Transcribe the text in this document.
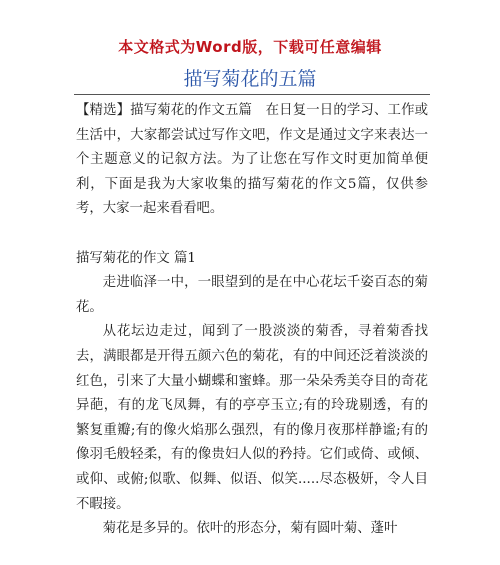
本文格式为Word版，下载可任意编辑
描写菊花的五篇

【精选】描写菊花的作文五篇　在日复一日的学习、工作或生活中，大家都尝试过写作文吧，作文是通过文字来表达一个主题意义的记叙方法。为了让您在写作文时更加简单便利，下面是我为大家收集的描写菊花的作文5篇，仅供参考，大家一起来看看吧。

描写菊花的作文 篇1

走进临泽一中，一眼望到的是在中心花坛千姿百态的菊花。

从花坛边走过，闻到了一股淡淡的菊香，寻着菊香找去，满眼都是开得五颜六色的菊花，有的中间还泛着淡淡的红色，引来了大量小蝴蝶和蜜蜂。那一朵朵秀美夺目的奇花异葩，有的龙飞凤舞，有的亭亭玉立;有的玲珑剔透，有的繁复重瓣;有的像火焰那么强烈，有的像月夜那样静谧;有的像羽毛般轻柔，有的像贵妇人似的矜持。它们或倚、或倾、或仰、或俯;似歌、似舞、似语、似笑.....尽态极妍，令人目不暇接。

菊花是多异的。依叶的形态分，菊有圆叶菊、蓬叶
